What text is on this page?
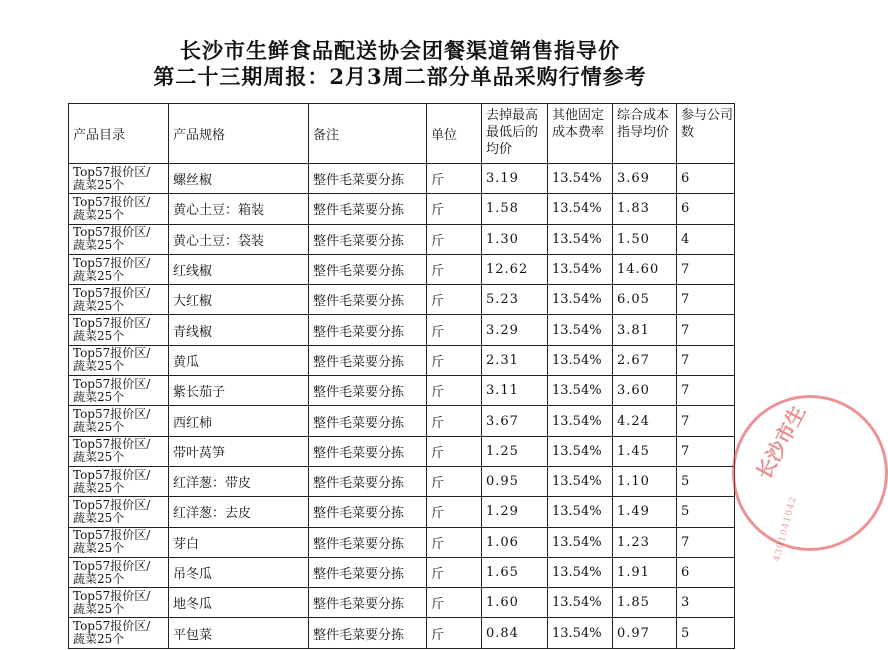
长沙市生鲜食品配送协会团餐渠道销售指导价
第二十三期周报：2月3周二部分单品采购行情参考
产品目录	产品规格	备注	单位	去掉最高最低后的均价	其他固定成本费率	综合成本指导均价	参与公司数

Top57报价区/
蔬菜25个	螺丝椒	整件毛菜要分拣	斤	3.19	13.54%	3.69	6

Top57报价区/
蔬菜25个	黄心土豆：箱装	整件毛菜要分拣	斤	1.58	13.54%	1.83	6

Top57报价区/
蔬菜25个	黄心土豆：袋装	整件毛菜要分拣	斤	1.30	13.54%	1.50	4

Top57报价区/
蔬菜25个	红线椒	整件毛菜要分拣	斤	12.62	13.54%	14.60	7

Top57报价区/
蔬菜25个	大红椒	整件毛菜要分拣	斤	5.23	13.54%	6.05	7

Top57报价区/
蔬菜25个	青线椒	整件毛菜要分拣	斤	3.29	13.54%	3.81	7

Top57报价区/
蔬菜25个	黄瓜	整件毛菜要分拣	斤	2.31	13.54%	2.67	7

Top57报价区/
蔬菜25个	紫长茄子	整件毛菜要分拣	斤	3.11	13.54%	3.60	7

Top57报价区/
蔬菜25个	西红柿	整件毛菜要分拣	斤	3.67	13.54%	4.24	7

Top57报价区/
蔬菜25个	带叶莴笋	整件毛菜要分拣	斤	1.25	13.54%	1.45	7

Top57报价区/
蔬菜25个	红洋葱：带皮	整件毛菜要分拣	斤	0.95	13.54%	1.10	5

Top57报价区/
蔬菜25个	红洋葱：去皮	整件毛菜要分拣	斤	1.29	13.54%	1.49	5

Top57报价区/
蔬菜25个	芽白	整件毛菜要分拣	斤	1.06	13.54%	1.23	7

Top57报价区/
蔬菜25个	吊冬瓜	整件毛菜要分拣	斤	1.65	13.54%	1.91	6

Top57报价区/
蔬菜25个	地冬瓜	整件毛菜要分拣	斤	1.60	13.54%	1.85	3

Top57报价区/
蔬菜25个	平包菜	整件毛菜要分拣	斤	0.84	13.54%	0.97	5
长沙市生
4301041042
